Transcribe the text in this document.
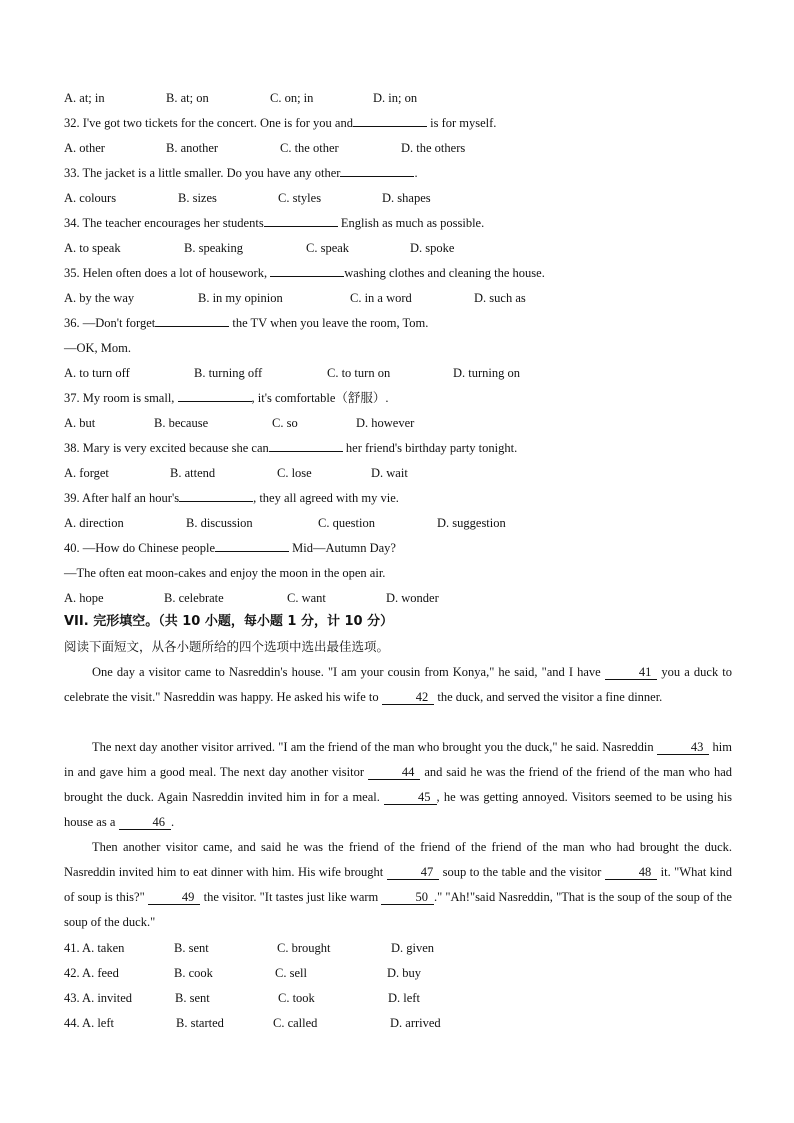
A. at; in	B. at; on	C. on; in	D. in; on
32. I've got two tickets for the concert. One is for you and	is for myself.
A. other	B. another	C. the other	D. the others
33. The jacket is a little smaller. Do you have any other	.
A. colours	B. sizes	C. styles	D. shapes
34. The teacher encourages her students	English as much as possible.
A. to speak	B. speaking	C. speak	D. spoke
35. Helen often does a lot of housework,	washing clothes and cleaning the house.
A. by the way	B. in my opinion	C. in a word	D. such as
36. —Don't forget	the TV when you leave the room, Tom.
—OK, Mom.
A. to turn off	B. turning off	C. to turn on	D. turning on
37. My room is small,	, it's comfortable（舒服）.
A. but	B. because	C. so	D. however
38. Mary is very excited because she can	her friend's birthday party tonight.
A. forget	B. attend	C. lose	D. wait
39. After half an hour's	, they all agreed with my vie.
A. direction	B. discussion	C. question	D. suggestion
40. —How do Chinese people	Mid—Autumn Day?
—The often eat moon-cakes and enjoy the moon in the open air.
A. hope	B. celebrate	C. want	D. wonder
VII. 完形填空。（共 10 小题，每小题 1 分，计 10 分）
阅读下面短文，从各小题所给的四个选项中选出最佳选项。
One day a visitor came to Nasreddin's house. "I am your cousin from Konya," he said, "and I have	41 you a duck to celebrate the visit." Nasreddin was happy. He asked his wife to	42 the duck, and served the visitor a fine dinner.
The next day another visitor arrived. "I am the friend of the man who brought you the duck," he said. Nasreddin	43 him in and gave him a good meal. The next day another visitor	44 and said he was the friend of the friend of the man who had brought the duck. Again Nasreddin invited him in for a meal.	45 , he was getting annoyed. Visitors seemed to be using his house as a	46 .
Then another visitor came, and said he was the friend of the friend of the friend of the man who had brought the duck. Nasreddin invited him to eat dinner with him. His wife brought	47 soup to the table and the visitor	48 it. "What kind of soup is this?"	49 the visitor. "It tastes just like warm	50 ." "Ah!"said Nasreddin, "That is the soup of the soup of the soup of the duck."
41. A. taken	B. sent	C. brought	D. given
42. A. feed	B. cook	C. sell	D. buy
43. A. invited	B. sent	C. took	D. left
44. A. left	B. started	C. called	D. arrived
